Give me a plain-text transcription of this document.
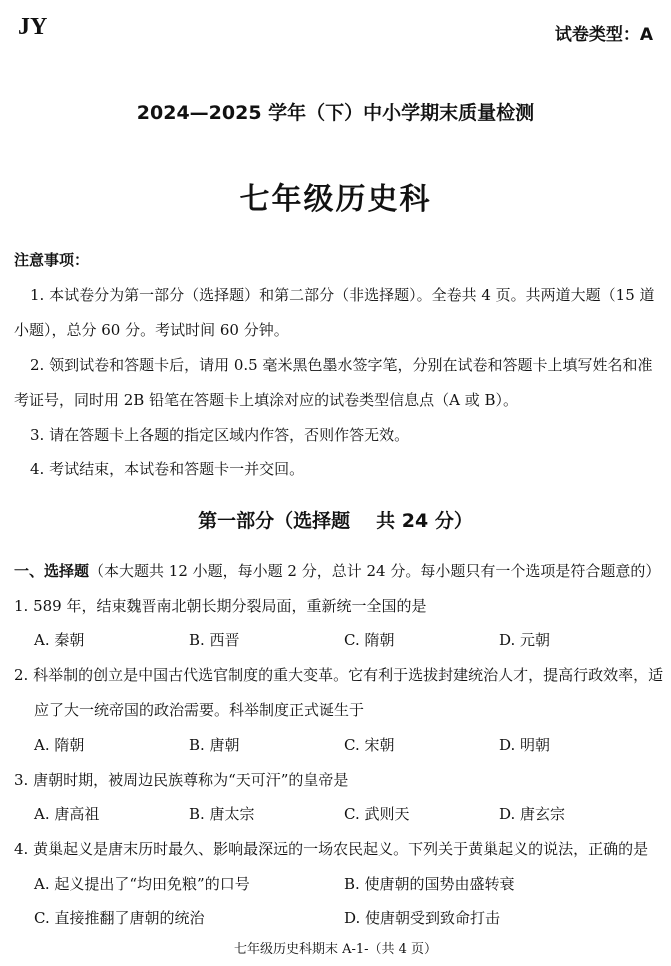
JY	试卷类型：A
2024—2025 学年（下）中小学期末质量检测
七年级历史科
注意事项：
1. 本试卷分为第一部分（选择题）和第二部分（非选择题）。全卷共 4 页。共两道大题（15 道
小题），总分 60 分。考试时间 60 分钟。
2. 领到试卷和答题卡后，请用 0.5 毫米黑色墨水签字笔，分别在试卷和答题卡上填写姓名和准
考证号，同时用 2B 铅笔在答题卡上填涂对应的试卷类型信息点（A 或 B）。
3. 请在答题卡上各题的指定区域内作答，否则作答无效。
4. 考试结束，本试卷和答题卡一并交回。
第一部分（选择题 共 24 分）
一、选择题（本大题共 12 小题，每小题 2 分，总计 24 分。每小题只有一个选项是符合题意的）
1. 589 年，结束魏晋南北朝长期分裂局面，重新统一全国的是
A. 秦朝	B. 西晋	C. 隋朝	D. 元朝
2. 科举制的创立是中国古代选官制度的重大变革。它有利于选拔封建统治人才，提高行政效率，适
应了大一统帝国的政治需要。科举制度正式诞生于
A. 隋朝	B. 唐朝	C. 宋朝	D. 明朝
3. 唐朝时期，被周边民族尊称为“天可汗”的皇帝是
A. 唐高祖	B. 唐太宗	C. 武则天	D. 唐玄宗
4. 黄巢起义是唐末历时最久、影响最深远的一场农民起义。下列关于黄巢起义的说法，正确的是
A. 起义提出了“均田免粮”的口号	B. 使唐朝的国势由盛转衰
C. 直接推翻了唐朝的统治	D. 使唐朝受到致命打击
七年级历史科期末 A-1-（共 4 页）
